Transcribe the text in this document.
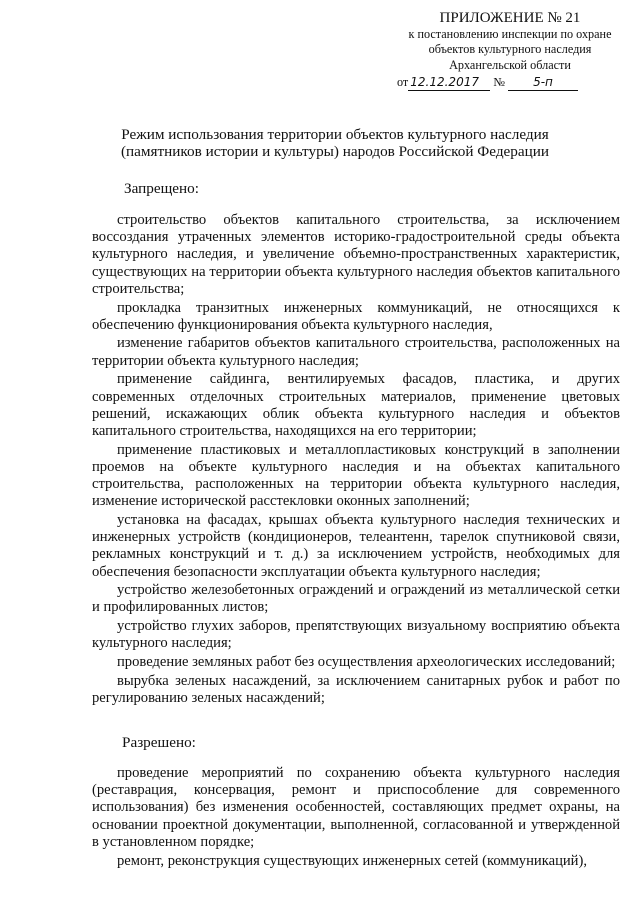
ПРИЛОЖЕНИЕ № 21
к постановлению инспекции по охране
объектов культурного наследия
Архангельской области
от 12.12.2017 № 5-п
Режим использования территории объектов культурного наследия (памятников истории и культуры) народов Российской Федерации
Запрещено:

строительство объектов капитального строительства, за исключением воссоздания утраченных элементов историко-градостроительной среды объекта культурного наследия, и увеличение объемно-пространственных характеристик, существующих на территории объекта культурного наследия объектов капитального строительства;

прокладка транзитных инженерных коммуникаций, не относящихся к обеспечению функционирования объекта культурного наследия,

изменение габаритов объектов капитального строительства, расположенных на территории объекта культурного наследия;

применение сайдинга, вентилируемых фасадов, пластика, и других современных отделочных строительных материалов, применение цветовых решений, искажающих облик объекта культурного наследия и объектов капитального строительства, находящихся на его территории;

применение пластиковых и металлопластиковых конструкций в заполнении проемов на объекте культурного наследия и на объектах капитального строительства, расположенных на территории объекта культурного наследия, изменение исторической расстекловки оконных заполнений;

установка на фасадах, крышах объекта культурного наследия технических и инженерных устройств (кондиционеров, телеантенн, тарелок спутниковой связи, рекламных конструкций и т. д.) за исключением устройств, необходимых для обеспечения безопасности эксплуатации объекта культурного наследия;

устройство железобетонных ограждений и ограждений из металлической сетки и профилированных листов;

устройство глухих заборов, препятствующих визуальному восприятию объекта культурного наследия;

проведение земляных работ без осуществления археологических исследований;

вырубка зеленых насаждений, за исключением санитарных рубок и работ по регулированию зеленых насаждений;

Разрешено:

проведение мероприятий по сохранению объекта культурного наследия (реставрация, консервация, ремонт и приспособление для современного использования) без изменения особенностей, составляющих предмет охраны, на основании проектной документации, выполненной, согласованной и утвержденной в установленном порядке;

ремонт, реконструкция существующих инженерных сетей (коммуникаций),
